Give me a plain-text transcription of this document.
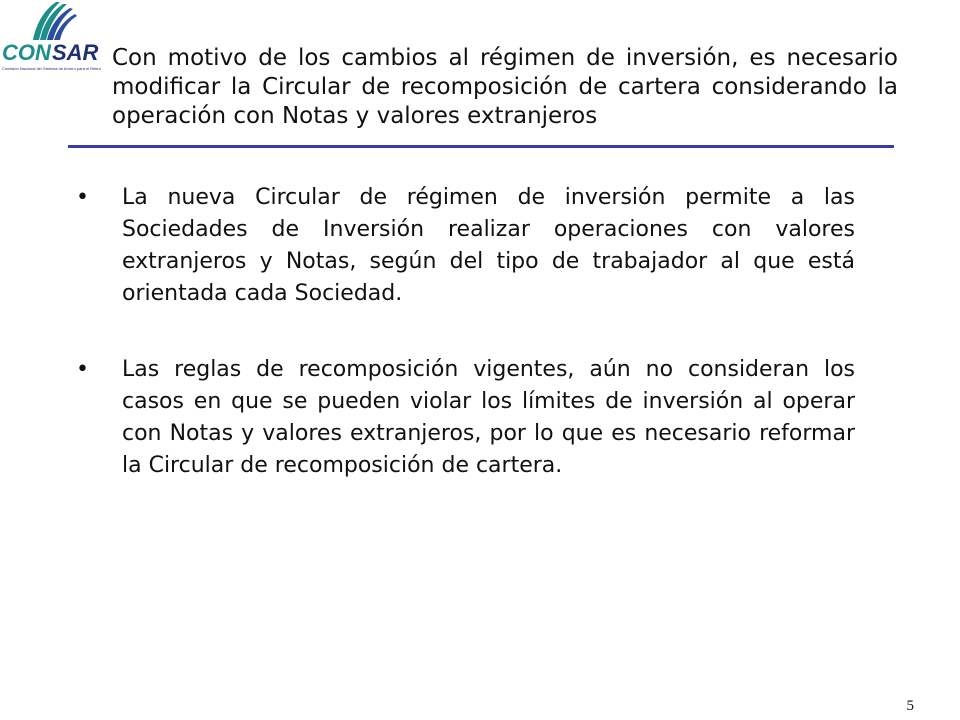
CON SAR
Comisión Nacional del Sistema de Ahorro para el Retiro Con motivo de los cambios al régimen de inversión, es necesario modificar la Circular de recomposición de cartera considerando la operación con Notas y valores extranjeros
• La nueva Circular de régimen de inversión permite a las Sociedades de Inversión realizar operaciones con valores extranjeros y Notas, según del tipo de trabajador al que está orientada cada Sociedad.

• Las reglas de recomposición vigentes, aún no consideran los casos en que se pueden violar los límites de inversión al operar con Notas y valores extranjeros, por lo que es necesario reformar la Circular de recomposición de cartera.

5
